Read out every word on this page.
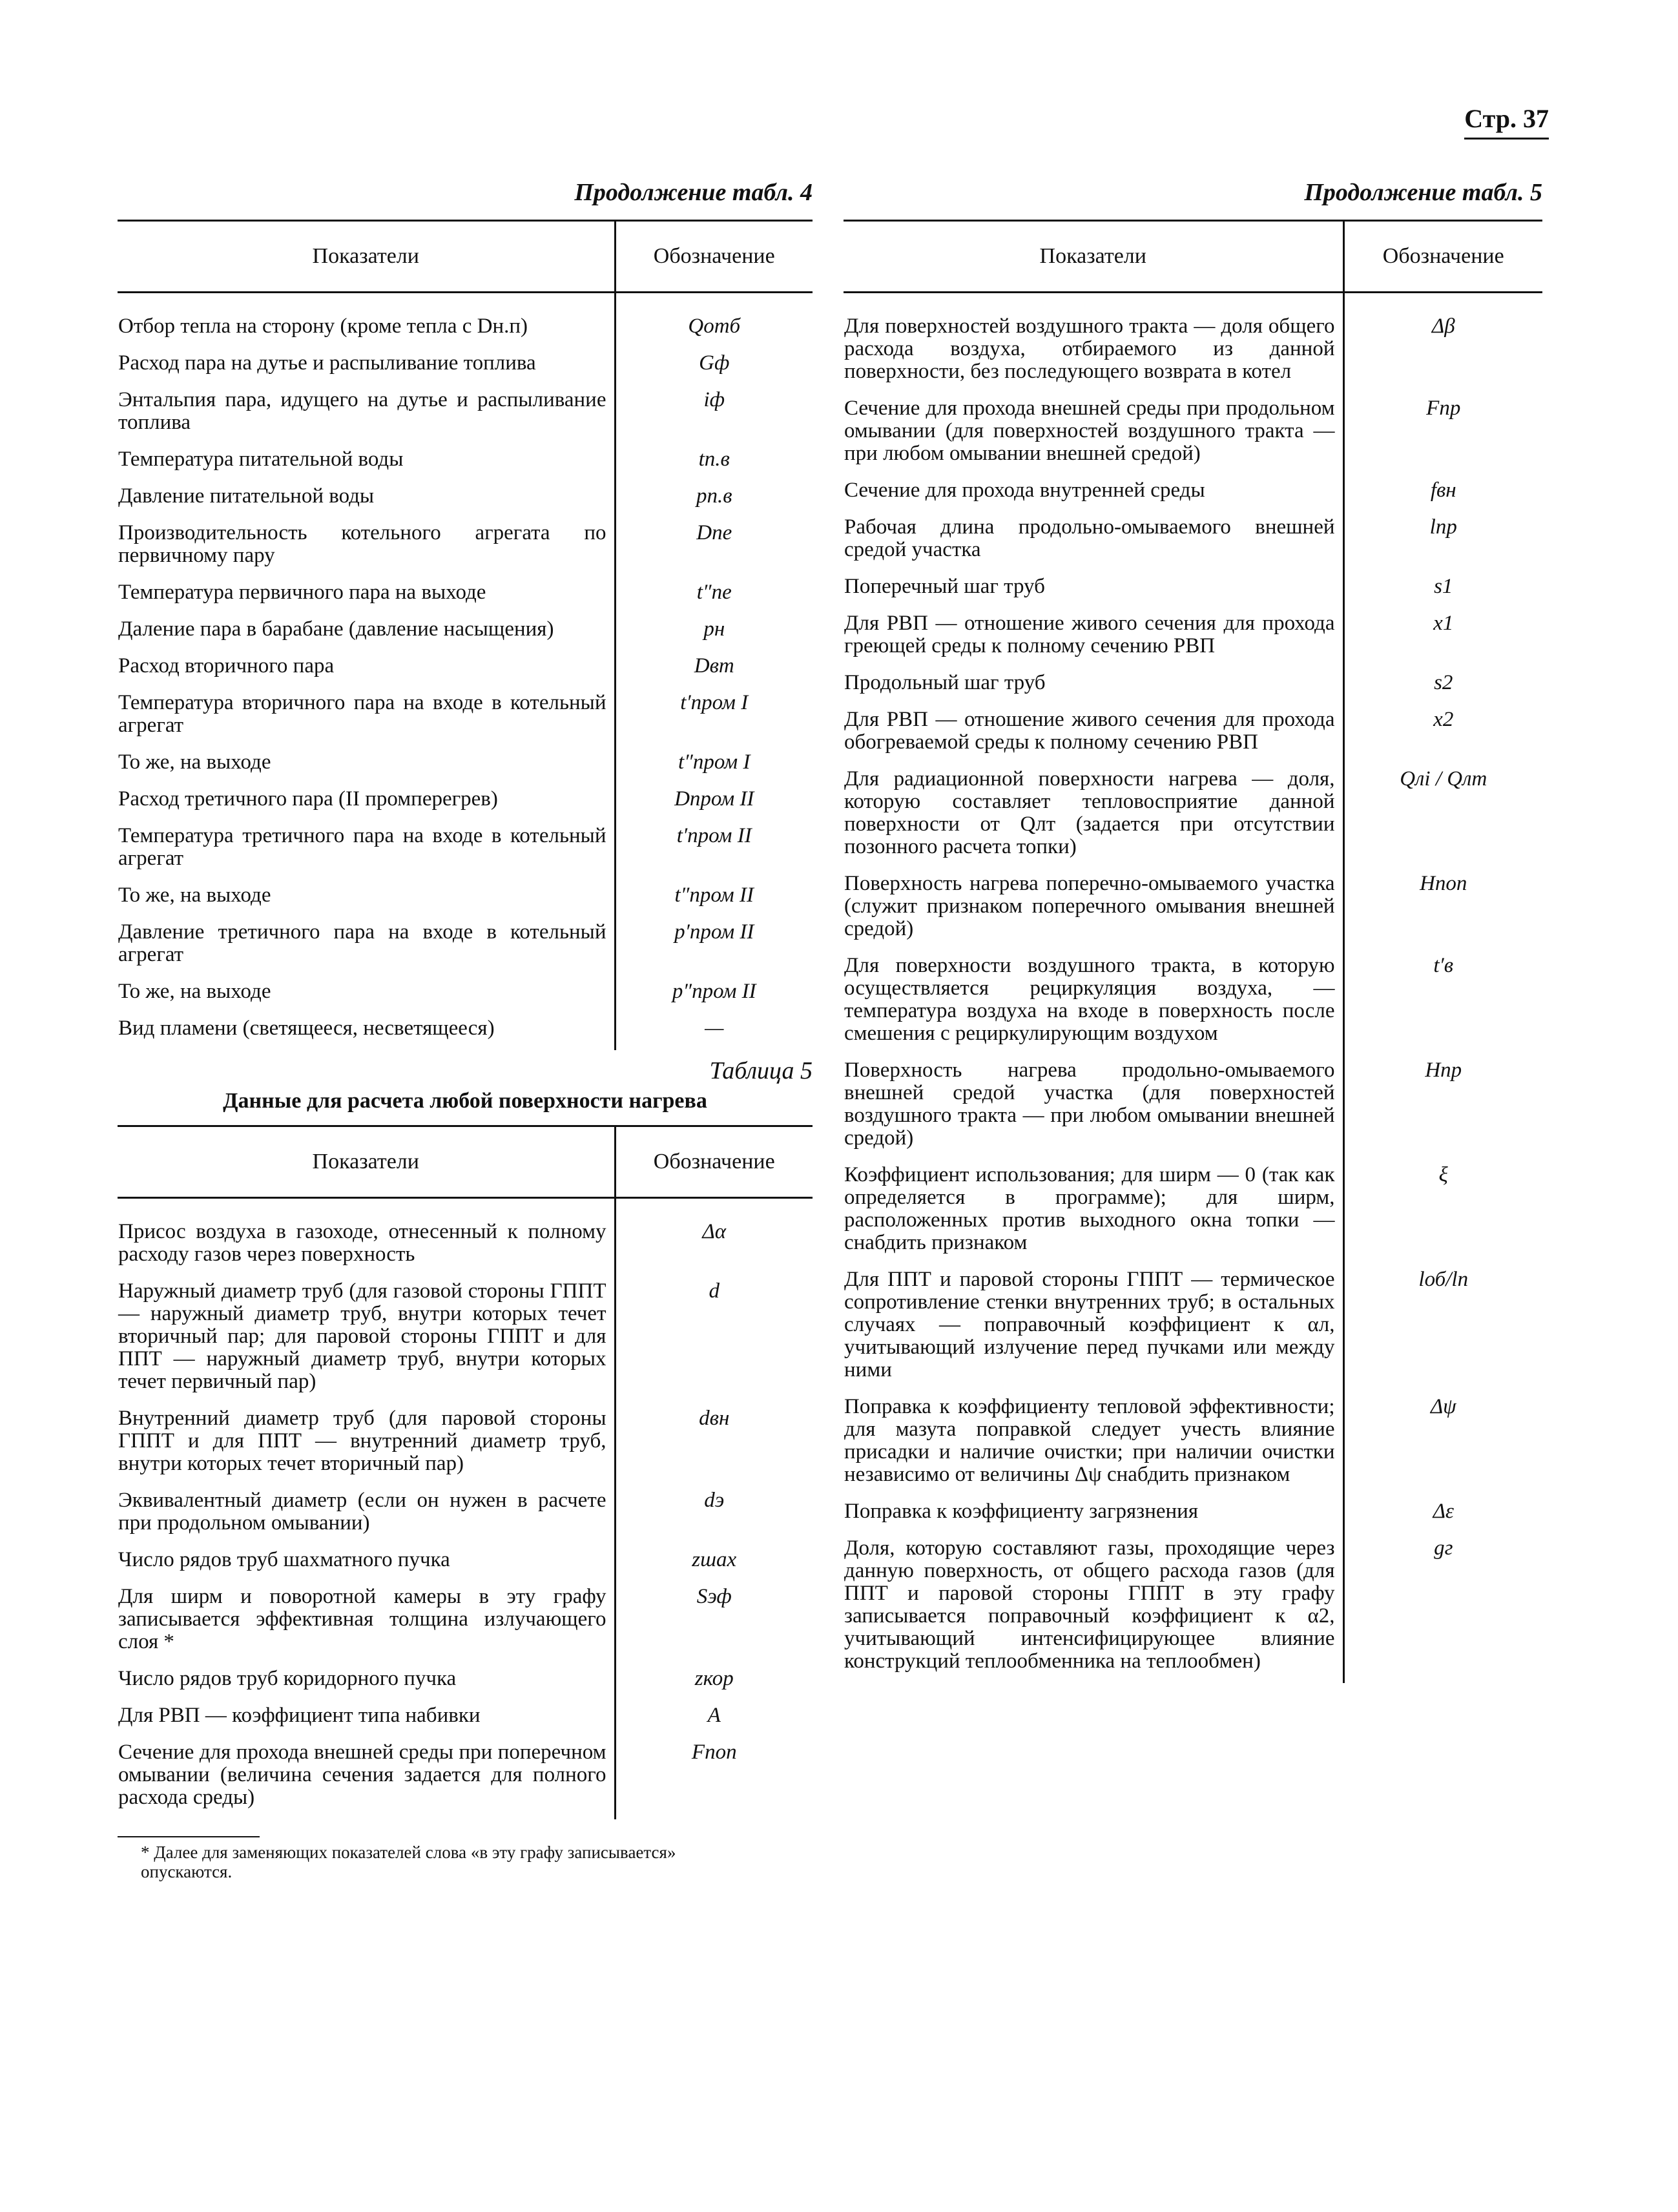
Стр. 37
Продолжение табл. 4
Показатели	Обозначение
Отбор тепла на сторону (кроме тепла с Dн.п)	Qотб
Расход пара на дутье и распыливание топлива	Gф
Энтальпия пара, идущего на дутье и распыливание топлива	iф
Температура питательной воды	tп.в
Давление питательной воды	pп.в
Производительность котельного агрегата по первичному пару	Dпе
Температура первичного пара на выходе	t″пе
Даление пара в барабане (давление насыщения)	pн
Расход вторичного пара	Dвт
Температура вторичного пара на входе в котельный агрегат	t′пром I
То же, на выходе	t″пром I
Расход третичного пара (II промперегрев)	Dпром II
Температура третичного пара на входе в котельный агрегат	t′пром II
То же, на выходе	t″пром II
Давление третичного пара на входе в котельный агрегат	p′пром II
То же, на выходе	p″пром II
Вид пламени (светящееся, несветящееся)	—
Таблица 5
Данные для расчета любой поверхности нагрева
Показатели	Обозначение
Присос воздуха в газоходе, отнесенный к полному расходу газов через поверхность	Δα
Наружный диаметр труб (для газовой стороны ГППТ — наружный диаметр труб, внутри которых течет вторичный пар; для паровой стороны ГППТ и для ППТ — наружный диаметр труб, внутри которых течет первичный пар)	d
Внутренний диаметр труб (для паровой стороны ГППТ и для ППТ — внутренний диаметр труб, внутри которых течет вторичный пар)	dвн
Эквивалентный диаметр (если он нужен в расчете при продольном омывании)	dэ
Число рядов труб шахматного пучка	zшах
Для ширм и поворотной камеры в эту графу записывается эффективная толщина излучающего слоя *	Sэф
Число рядов труб коридорного пучка	zкор
Для РВП — коэффициент типа набивки	A
Сечение для прохода внешней среды при поперечном омывании (величина сечения задается для полного расхода среды)	Fпоп
* Далее для заменяющих показателей слова «в эту графу записывается» опускаются.
Продолжение табл. 5
Показатели	Обозначение
Для поверхностей воздушного тракта — доля общего расхода воздуха, отбираемого из данной поверхности, без последующего возврата в котел	Δβ
Сечение для прохода внешней среды при продольном омывании (для поверхностей воздушного тракта — при любом омывании внешней средой)	Fпр
Сечение для прохода внутренней среды	fвн
Рабочая длина продольно-омываемого внешней средой участка	lпр
Поперечный шаг труб	s1
Для РВП — отношение живого сечения для прохода греющей среды к полному сечению РВП	x1
Продольный шаг труб	s2
Для РВП — отношение живого сечения для прохода обогреваемой среды к полному сечению РВП	x2
Для радиационной поверхности нагрева — доля, которую составляет тепловосприятие данной поверхности от Qлт (задается при отсутствии позонного расчета топки)	Qлi / Qлт
Поверхность нагрева поперечно-омываемого участка (служит признаком поперечного омывания внешней средой)	Hпоп
Для поверхности воздушного тракта, в которую осуществляется рециркуляция воздуха, — температура воздуха на входе в поверхность после смешения с рециркулирующим воздухом	t′в
Поверхность нагрева продольно-омываемого внешней средой участка (для поверхностей воздушного тракта — при любом омывании внешней средой)	Hпр
Коэффициент использования; для ширм — 0 (так как определяется в программе); для ширм, расположенных против выходного окна топки — снабдить признаком	ξ
Для ППТ и паровой стороны ГППТ — термическое сопротивление стенки внутренних труб; в остальных случаях — поправочный коэффициент к αл, учитывающий излучение перед пучками или между ними	lоб/lп
Поправка к коэффициенту тепловой эффективности; для мазута поправкой следует учесть влияние присадки и наличие очистки; при наличии очистки независимо от величины Δψ снабдить признаком	Δψ
Поправка к коэффициенту загрязнения	Δε
Доля, которую составляют газы, проходящие через данную поверхность, от общего расхода газов (для ППТ и паровой стороны ГППТ в эту графу записывается поправочный коэффициент к α2, учитывающий интенсифицирующее влияние конструкций теплообменника на теплообмен)	gг
